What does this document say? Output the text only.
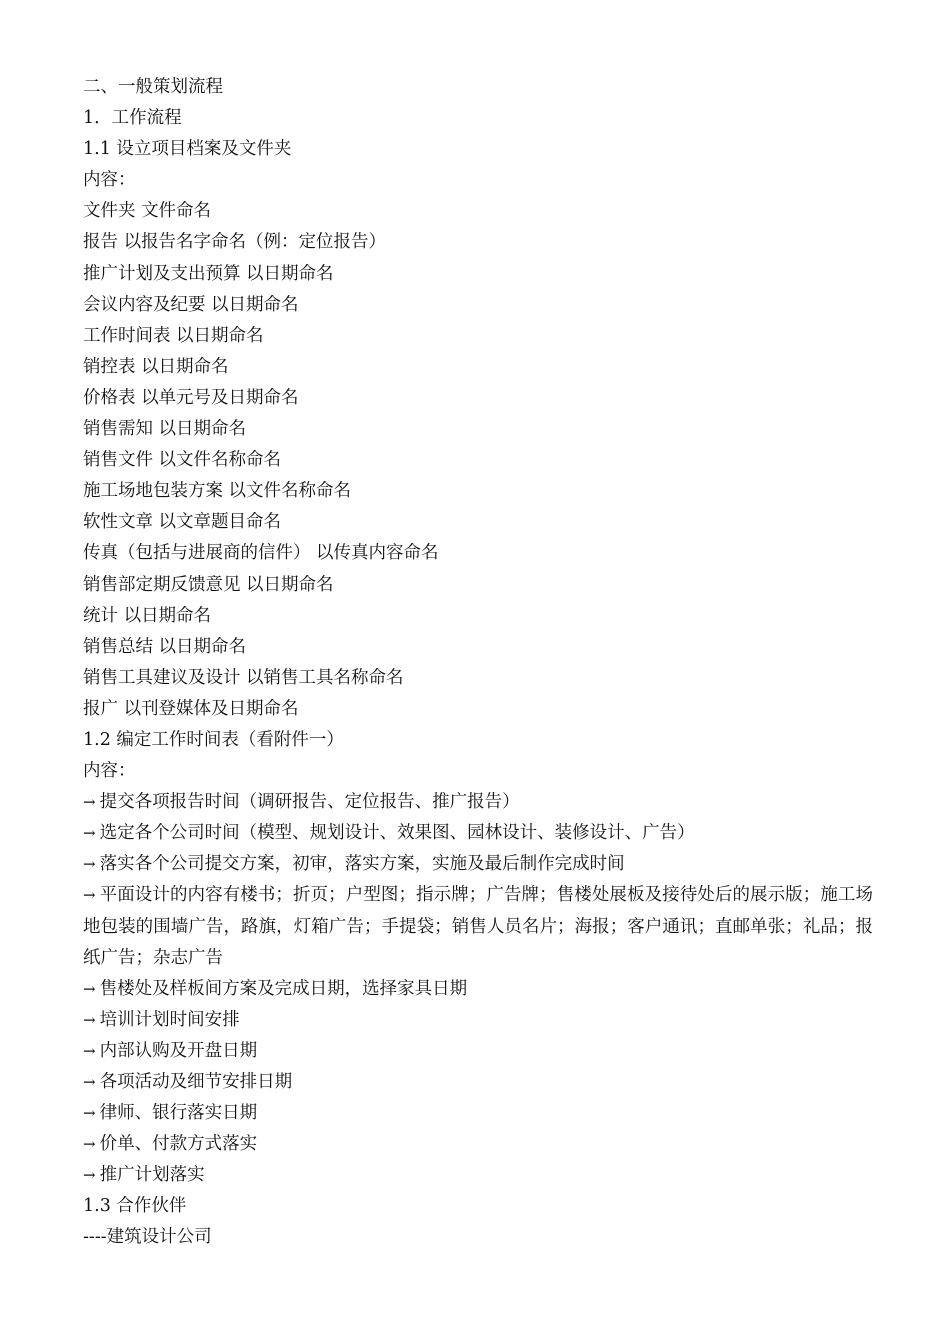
二、一般策划流程
1．工作流程
1.1 设立项目档案及文件夹
内容：
文件夹 文件命名
报告 以报告名字命名（例：定位报告）
推广计划及支出预算 以日期命名
会议内容及纪要 以日期命名
工作时间表 以日期命名
销控表 以日期命名
价格表 以单元号及日期命名
销售需知 以日期命名
销售文件 以文件名称命名
施工场地包装方案 以文件名称命名
软性文章 以文章题目命名
传真（包括与进展商的信件） 以传真内容命名
销售部定期反馈意见 以日期命名
统计 以日期命名
销售总结 以日期命名
销售工具建议及设计 以销售工具名称命名
报广 以刊登媒体及日期命名
1.2 编定工作时间表（看附件一）
内容：
→ 提交各项报告时间（调研报告、定位报告、推广报告）
→ 选定各个公司时间（模型、规划设计、效果图、园林设计、装修设计、广告）
→ 落实各个公司提交方案，初审，落实方案，实施及最后制作完成时间
→ 平面设计的内容有楼书；折页；户型图；指示牌；广告牌；售楼处展板及接待处后的展示版；施工场地包装的围墙广告，路旗，灯箱广告；手提袋；销售人员名片；海报；客户通讯；直邮单张；礼品；报纸广告；杂志广告
→ 售楼处及样板间方案及完成日期，选择家具日期
→ 培训计划时间安排
→ 内部认购及开盘日期
→ 各项活动及细节安排日期
→ 律师、银行落实日期
→ 价单、付款方式落实
→ 推广计划落实
1.3 合作伙伴
----建筑设计公司
